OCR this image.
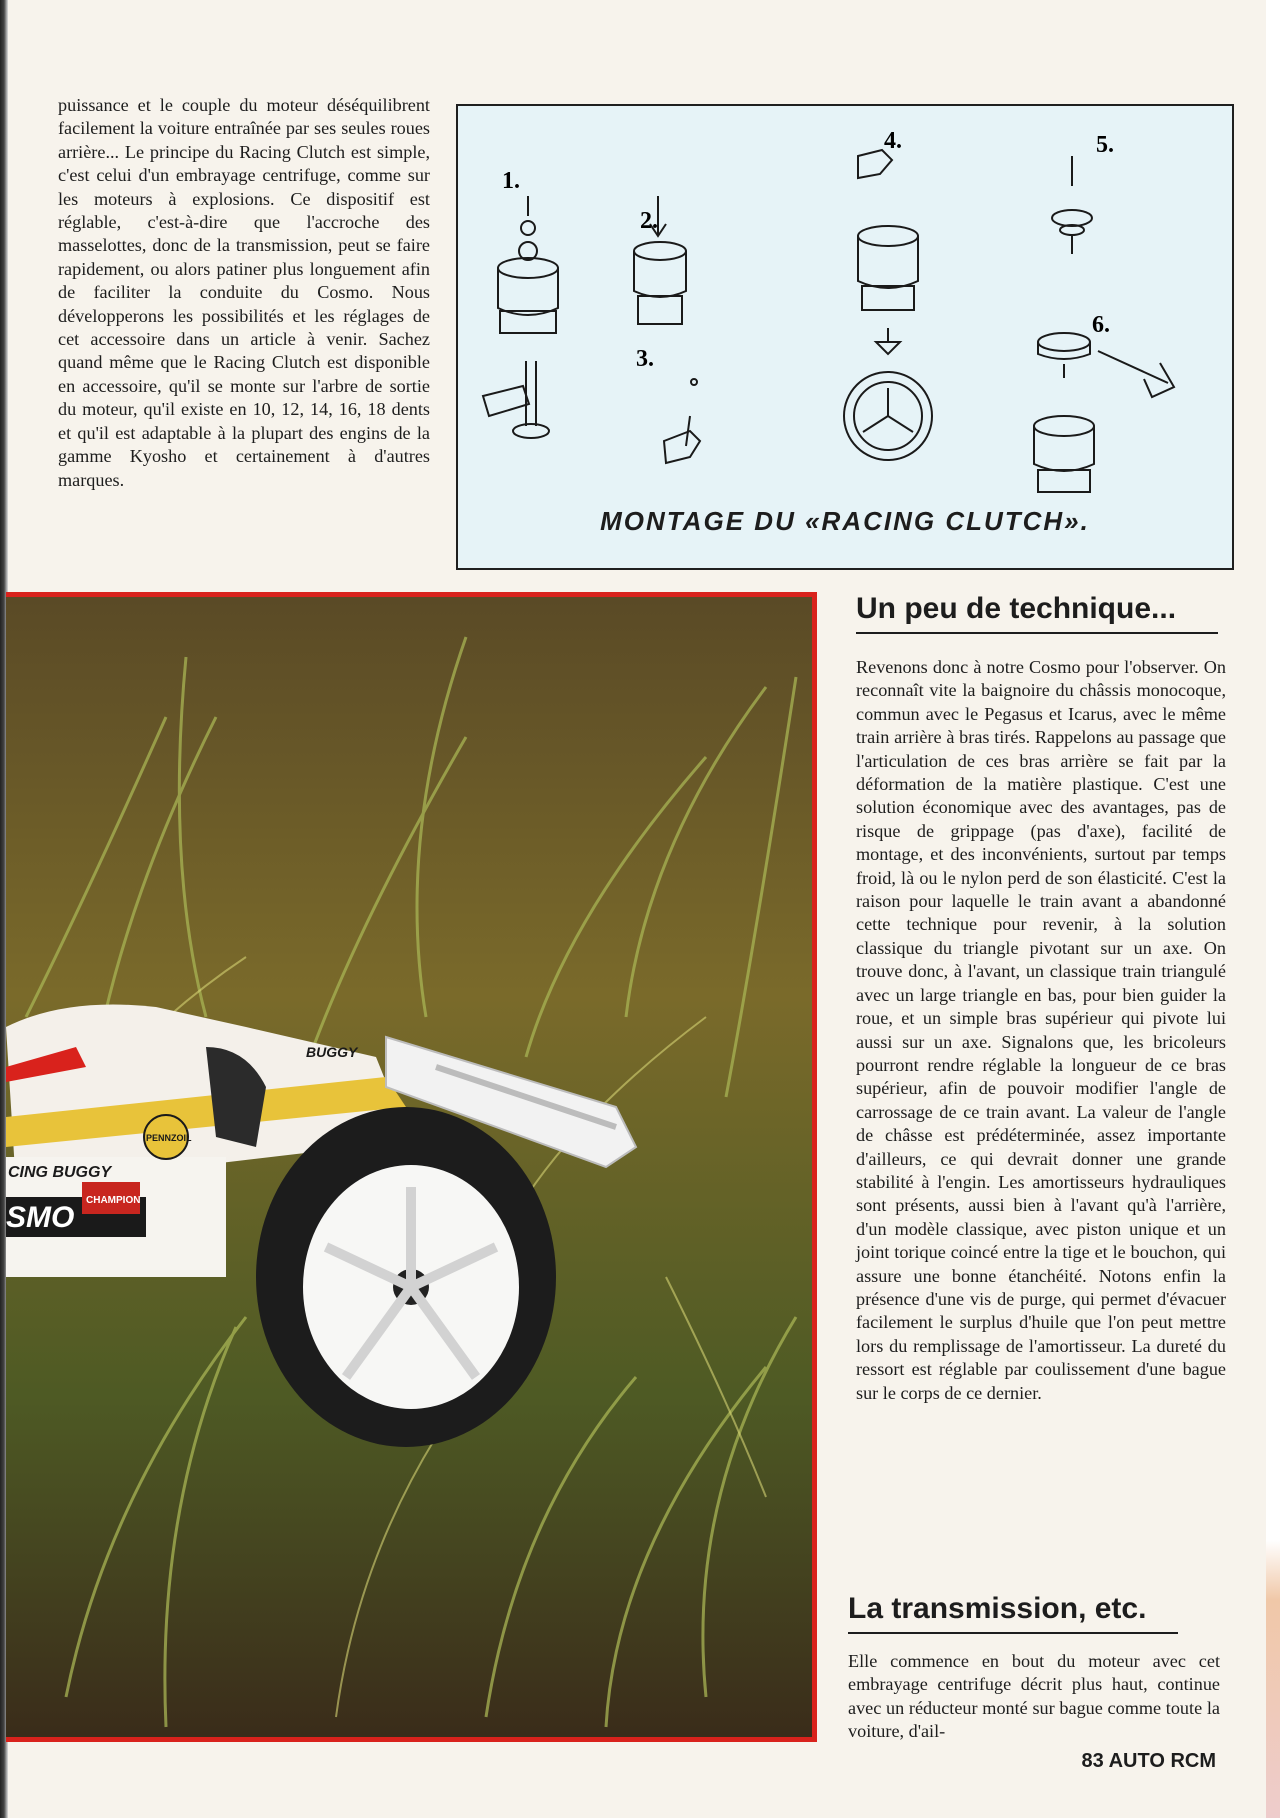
puissance et le couple du moteur déséquilibrent facilement la voiture entraînée par ses seules roues arrière... Le principe du Racing Clutch est simple, c'est celui d'un embrayage centrifuge, comme sur les moteurs à explosions. Ce dispositif est réglable, c'est-à-dire que l'accroche des masselottes, donc de la transmission, peut se faire rapidement, ou alors patiner plus longuement afin de faciliter la conduite du Cosmo. Nous développerons les possibilités et les réglages de cet accessoire dans un article à venir. Sachez quand même que le Racing Clutch est disponible en accessoire, qu'il se monte sur l'arbre de sortie du moteur, qu'il existe en 10, 12, 14, 16, 18 dents et qu'il est adaptable à la plupart des engins de la gamme Kyosho et certainement à d'autres marques.

1.
2.
3.
4.	5.
6.
MONTAGE DU «RACING CLUTCH».
CING BUGGY
SMO
CHAMPION
PENNZOIL
BUGGY
Un peu de technique...

Revenons donc à notre Cosmo pour l'observer. On reconnaît vite la baignoire du châssis monocoque, commun avec le Pegasus et Icarus, avec le même train arrière à bras tirés. Rappelons au passage que l'articulation de ces bras arrière se fait par la déformation de la matière plastique. C'est une solution économique avec des avantages, pas de risque de grippage (pas d'axe), facilité de montage, et des inconvénients, surtout par temps froid, là ou le nylon perd de son élasticité. C'est la raison pour laquelle le train avant a abandonné cette technique pour revenir, à la solution classique du triangle pivotant sur un axe. On trouve donc, à l'avant, un classique train triangulé avec un large triangle en bas, pour bien guider la roue, et un simple bras supérieur qui pivote lui aussi sur un axe. Signalons que, les bricoleurs pourront rendre réglable la longueur de ce bras supérieur, afin de pouvoir modifier l'angle de carrossage de ce train avant. La valeur de l'angle de châsse est prédéterminée, assez importante d'ailleurs, ce qui devrait donner une grande stabilité à l'engin. Les amortisseurs hydrauliques sont présents, aussi bien à l'avant qu'à l'arrière, d'un modèle classique, avec piston unique et un joint torique coincé entre la tige et le bouchon, qui assure une bonne étanchéité. Notons enfin la présence d'une vis de purge, qui permet d'évacuer facilement le surplus d'huile que l'on peut mettre lors du remplissage de l'amortisseur. La dureté du ressort est réglable par coulissement d'une bague sur le corps de ce dernier.

La transmission, etc.

Elle commence en bout du moteur avec cet embrayage centrifuge décrit plus haut, continue avec un réducteur monté sur bague comme toute la voiture, d'ail-

83 AUTO RCM
